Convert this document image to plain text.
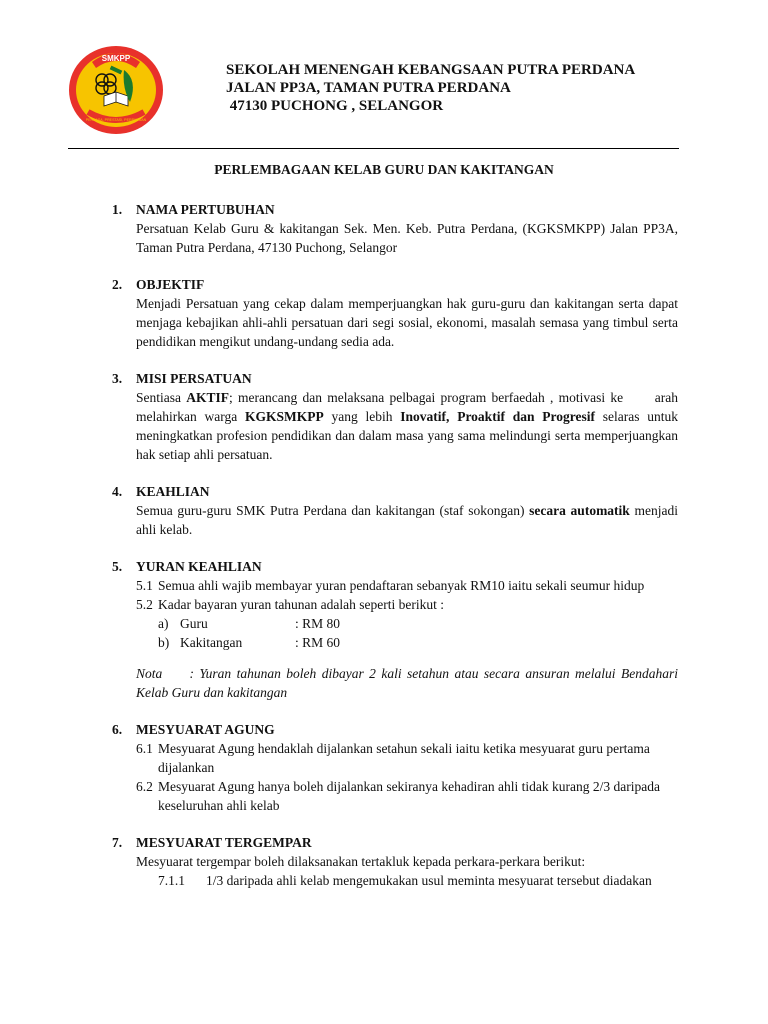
SMKPP
PERKASA, PRESTASI, PERPADUAN
SEKOLAH MENENGAH KEBANGSAAN PUTRA PERDANA
JALAN PP3A, TAMAN PUTRA PERDANA
47130 PUCHONG , SELANGOR
PERLEMBAGAAN KELAB GURU DAN KAKITANGAN
1. NAMA PERTUBUHAN

Persatuan Kelab Guru & kakitangan Sek. Men. Keb. Putra Perdana, (KGKSMKPP) Jalan PP3A, Taman Putra Perdana, 47130 Puchong, Selangor

2. OBJEKTIF

Menjadi Persatuan yang cekap dalam memperjuangkan hak guru-guru dan kakitangan serta dapat menjaga kebajikan ahli-ahli persatuan dari segi sosial, ekonomi, masalah semasa yang timbul serta pendidikan mengikut undang-undang sedia ada.

3. MISI PERSATUAN
Sentiasa AKTIF; merancang dan melaksana pelbagai program berfaedah , motivasi ke      arah melahirkan warga KGKSMKPP yang lebih Inovatif, Proaktif dan Progresif selaras untuk meningkatkan profesion pendidikan dan dalam masa yang sama melindungi serta memperjuangkan hak setiap ahli persatuan.
4. KEAHLIAN
Semua guru-guru SMK Putra Perdana dan kakitangan (staf sokongan) secara automatik menjadi ahli kelab.
5. YURAN KEAHLIAN
5.1 Semua ahli wajib membayar yuran pendaftaran sebanyak RM10 iaitu sekali seumur hidup
5.2 Kadar bayaran yuran tahunan adalah seperti berikut :
a) Guru	: RM 80
b) Kakitangan	: RM 60
Nota     : Yuran tahunan boleh dibayar 2 kali setahun atau secara ansuran melalui Bendahari Kelab Guru dan kakitangan
6. MESYUARAT AGUNG
6.1 Mesyuarat Agung hendaklah dijalankan setahun sekali iaitu ketika mesyuarat guru pertama dijalankan
6.2 Mesyuarat Agung hanya boleh dijalankan sekiranya kehadiran ahli tidak kurang 2/3 daripada keseluruhan ahli kelab
7. MESYUARAT TERGEMPAR

Mesyuarat tergempar boleh dilaksanakan tertakluk kepada perkara-perkara berikut:

7.1.1	1/3 daripada ahli kelab mengemukakan usul meminta mesyuarat tersebut diadakan
